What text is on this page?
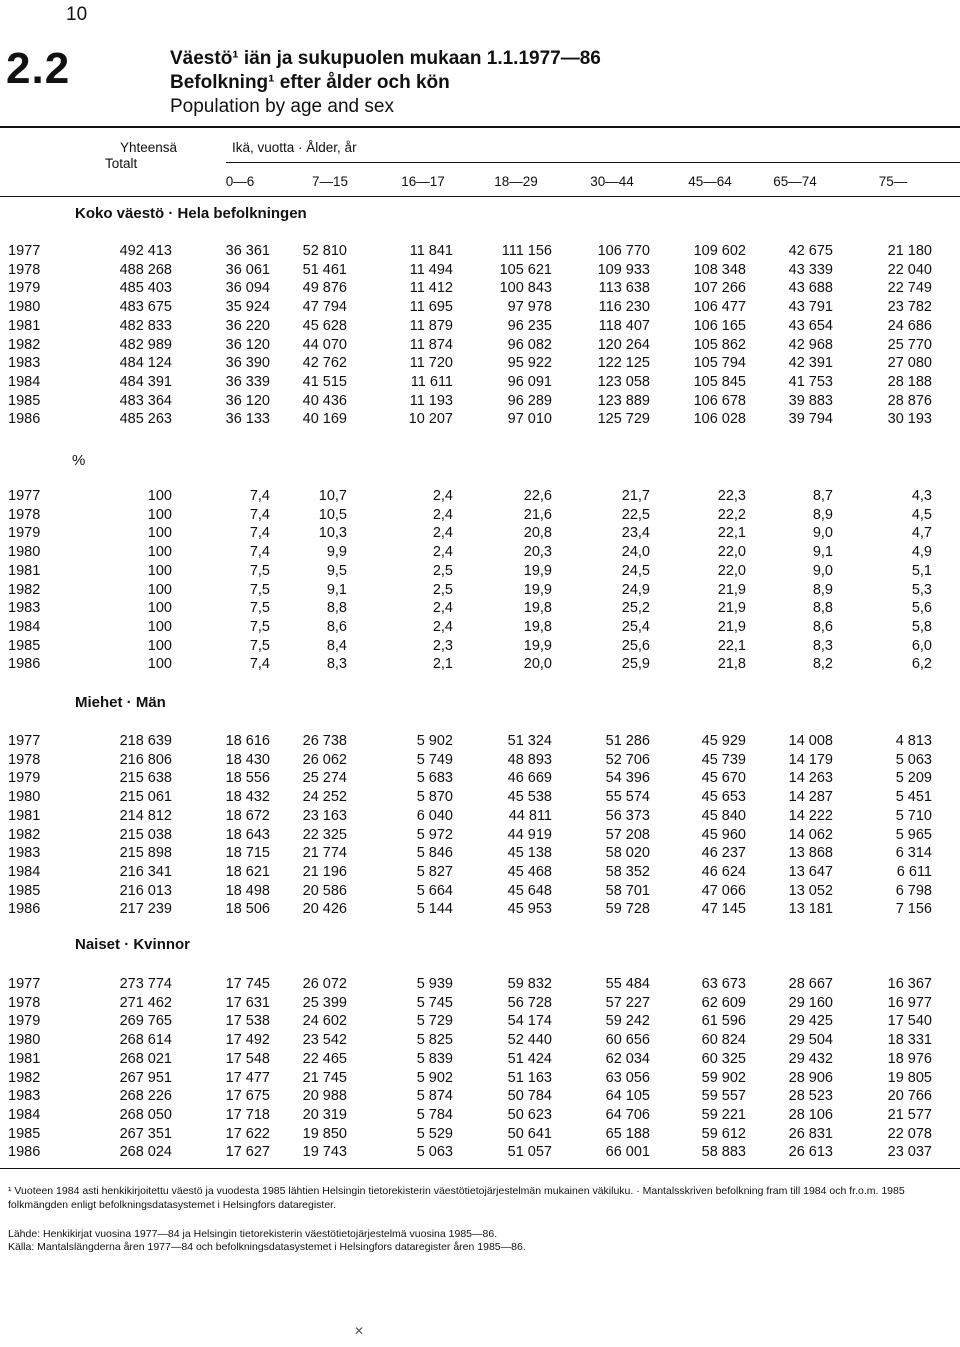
10
2.2	Väestö¹ iän ja sukupuolen mukaan 1.1.1977—86
Befolkning¹ efter ålder och kön
Population by age and sex
Yhteensä
Totalt
Ikä, vuotta · Ålder, år
0—6	7—15	16—17	18—29	30—44	45—64	65—74	75—
Koko väestö · Hela befolkningen
1977	492 413	36 361	52 810	11 841	111 156	106 770	109 602	42 675	21 180
1978	488 268	36 061	51 461	11 494	105 621	109 933	108 348	43 339	22 040
1979	485 403	36 094	49 876	11 412	100 843	113 638	107 266	43 688	22 749
1980	483 675	35 924	47 794	11 695	97 978	116 230	106 477	43 791	23 782
1981	482 833	36 220	45 628	11 879	96 235	118 407	106 165	43 654	24 686
1982	482 989	36 120	44 070	11 874	96 082	120 264	105 862	42 968	25 770
1983	484 124	36 390	42 762	11 720	95 922	122 125	105 794	42 391	27 080
1984	484 391	36 339	41 515	11 611	96 091	123 058	105 845	41 753	28 188
1985	483 364	36 120	40 436	11 193	96 289	123 889	106 678	39 883	28 876
1986	485 263	36 133	40 169	10 207	97 010	125 729	106 028	39 794	30 193
%
1977	100	7,4	10,7	2,4	22,6	21,7	22,3	8,7	4,3
1978	100	7,4	10,5	2,4	21,6	22,5	22,2	8,9	4,5
1979	100	7,4	10,3	2,4	20,8	23,4	22,1	9,0	4,7
1980	100	7,4	9,9	2,4	20,3	24,0	22,0	9,1	4,9
1981	100	7,5	9,5	2,5	19,9	24,5	22,0	9,0	5,1
1982	100	7,5	9,1	2,5	19,9	24,9	21,9	8,9	5,3
1983	100	7,5	8,8	2,4	19,8	25,2	21,9	8,8	5,6
1984	100	7,5	8,6	2,4	19,8	25,4	21,9	8,6	5,8
1985	100	7,5	8,4	2,3	19,9	25,6	22,1	8,3	6,0
1986	100	7,4	8,3	2,1	20,0	25,9	21,8	8,2	6,2
Miehet · Män
1977	218 639	18 616	26 738	5 902	51 324	51 286	45 929	14 008	4 813
1978	216 806	18 430	26 062	5 749	48 893	52 706	45 739	14 179	5 063
1979	215 638	18 556	25 274	5 683	46 669	54 396	45 670	14 263	5 209
1980	215 061	18 432	24 252	5 870	45 538	55 574	45 653	14 287	5 451
1981	214 812	18 672	23 163	6 040	44 811	56 373	45 840	14 222	5 710
1982	215 038	18 643	22 325	5 972	44 919	57 208	45 960	14 062	5 965
1983	215 898	18 715	21 774	5 846	45 138	58 020	46 237	13 868	6 314
1984	216 341	18 621	21 196	5 827	45 468	58 352	46 624	13 647	6 611
1985	216 013	18 498	20 586	5 664	45 648	58 701	47 066	13 052	6 798
1986	217 239	18 506	20 426	5 144	45 953	59 728	47 145	13 181	7 156
Naiset · Kvinnor
1977	273 774	17 745	26 072	5 939	59 832	55 484	63 673	28 667	16 367
1978	271 462	17 631	25 399	5 745	56 728	57 227	62 609	29 160	16 977
1979	269 765	17 538	24 602	5 729	54 174	59 242	61 596	29 425	17 540
1980	268 614	17 492	23 542	5 825	52 440	60 656	60 824	29 504	18 331
1981	268 021	17 548	22 465	5 839	51 424	62 034	60 325	29 432	18 976
1982	267 951	17 477	21 745	5 902	51 163	63 056	59 902	28 906	19 805
1983	268 226	17 675	20 988	5 874	50 784	64 105	59 557	28 523	20 766
1984	268 050	17 718	20 319	5 784	50 623	64 706	59 221	28 106	21 577
1985	267 351	17 622	19 850	5 529	50 641	65 188	59 612	26 831	22 078
1986	268 024	17 627	19 743	5 063	51 057	66 001	58 883	26 613	23 037
¹ Vuoteen 1984 asti henkikirjoitettu väestö ja vuodesta 1985 lähtien Helsingin tietorekisterin väestötietojärjestelmän mukainen väkiluku. · Mantalsskriven befolkning fram till 1984 och fr.o.m. 1985 folkmängden enligt befolkningsdatasystemet i Helsingfors dataregister.
Lähde: Henkikirjat vuosina 1977—84 ja Helsingin tietorekisterin väestötietojärjestelmä vuosina 1985—86.
Källa: Mantalslängderna åren 1977—84 och befolkningsdatasystemet i Helsingfors dataregister åren 1985—86.
✕
